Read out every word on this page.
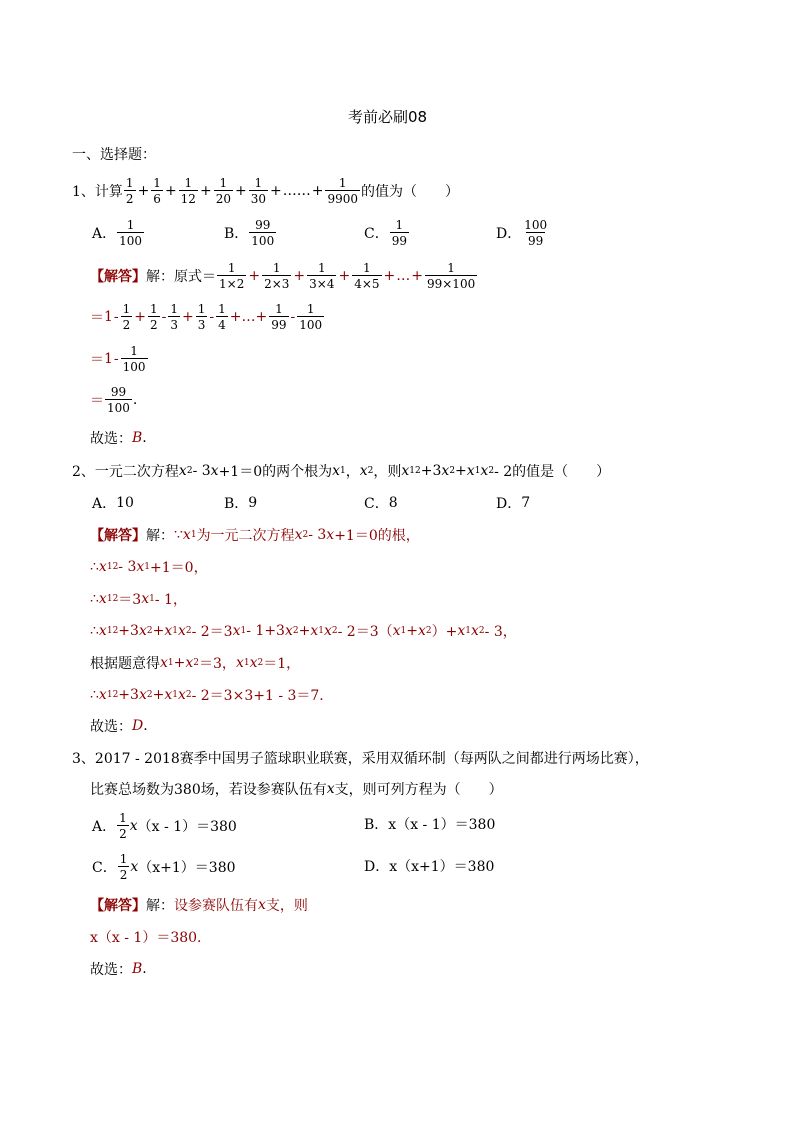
考前必刷08
一、选择题：
1、 计算 $\frac{1}{2} + \frac{1}{6} + \frac{1}{12} + \frac{1}{20} + \frac{1}{30}$ + …… + $\frac{1}{9900}$ 的值为（　　）
A． $\frac{1}{100}$	B． $\frac{99}{100}$	C． $\frac{1}{99}$	D． $\frac{100}{99}$
【解答】 解： 原式＝ $\frac{1}{1\times 2} + \frac{1}{2\times 3} + \frac{1}{3\times 4} + \frac{1}{4\times 5}$ + … + $\frac{1}{99\times 100}$
＝ $1 - \frac{1}{2} + \frac{1}{2} - \frac{1}{3} + \frac{1}{3} - \frac{1}{4}$ +…+ $\frac{1}{99} - \frac{1}{100}$
＝ $1 - \frac{1}{100}$
＝ $\frac{99}{100}$ .
故选： B .
2、 一元二次方程 x 2 - 3 x +1＝0的两个根为 x 1 ， x 2 ，则 x 1 2 +3 x 2 + x 1 x 2 - 2的值是（　　）
A． 10	B． 9	C． 8	D． 7
【解答】 解： ∵ x 1 为一元二次方程 x 2 - 3 x +1＝0的根，
∴ x 1 2 - 3 x 1 +1＝0，
∴ x 1 2 ＝3 x 1 - 1，
∴ x 1 2 +3 x 2 + x 1 x 2 - 2＝3 x 1 - 1+3 x 2 + x 1 x 2 - 2＝3（ x 1 + x 2 ）+ x 1 x 2 - 3，
根据题意得 x 1 + x 2 ＝3， x 1 x 2 ＝1，
∴ x 1 2 +3 x 2 + x 1 x 2 - 2＝3×3+1 - 3＝7.
故选： D .
3、 2017 - 2018赛季中国男子篮球职业联赛，采用双循环制（每两队之间都进行两场比赛），
比赛总场数为380场，若设参赛队伍有 x 支，则可列方程为（　　）
A． $\frac{1}{2}$ x （x - 1）＝380	B． x（x - 1）＝380
C． $\frac{1}{2}$ x （x+1）＝380	D． x（x+1）＝380
【解答】 解： 设参赛队伍有 x 支，则
x（x - 1）＝380.
故选： B .
